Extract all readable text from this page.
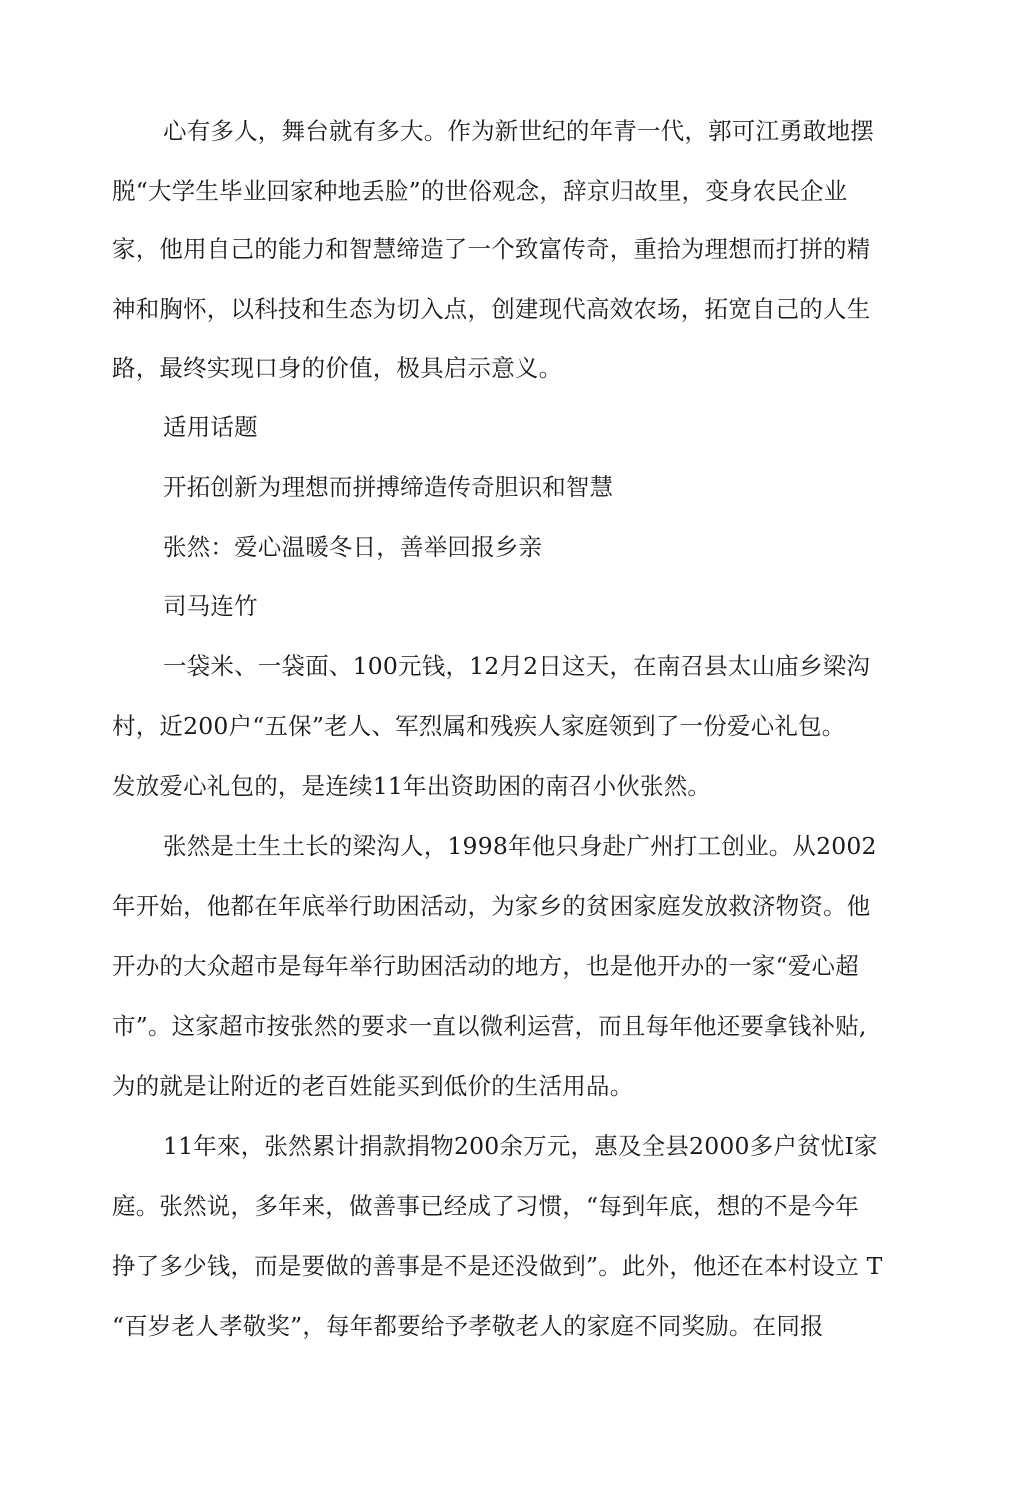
心有多人，舞台就有多大。作为新世纪的年青一代，郭可江勇敢地摆
脱“大学生毕业回家种地丢脸”的世俗观念，辞京归故里，变身农民企业
家，他用自己的能力和智慧缔造了一个致富传奇，重拾为理想而打拼的精
神和胸怀，以科技和生态为切入点，创建现代高效农场，拓宽自己的人生
路，最终实现口身的价值，极具启示意义。
适用话题
开拓创新为理想而拼搏缔造传奇胆识和智慧
张然：爱心温暖冬日，善举回报乡亲
司马连竹
一袋米、一袋面、100元钱，12月2日这天，在南召县太山庙乡梁沟
村，近200户“五保”老人、军烈属和残疾人家庭领到了一份爱心礼包。
发放爱心礼包的，是连续11年出资助困的南召小伙张然。
张然是土生土长的梁沟人，1998年他只身赴广州打工创业。从2002
年开始，他都在年底举行助困活动，为家乡的贫困家庭发放救济物资。他
开办的大众超市是每年举行助困活动的地方，也是他开办的一家“爱心超
市”。这家超市按张然的要求一直以微利运营，而且每年他还要拿钱补贴,
为的就是让附近的老百姓能买到低价的生活用品。
11年來，张然累计捐款捐物200余万元，惠及全县2000多户贫忧I家
庭。张然说，多年来，做善事已经成了习惯，“每到年底，想的不是今年
挣了多少钱，而是要做的善事是不是还没做到”。此外，他还在本村设立 T
“百岁老人孝敬奖”，每年都要给予孝敬老人的家庭不同奖励。在同报
